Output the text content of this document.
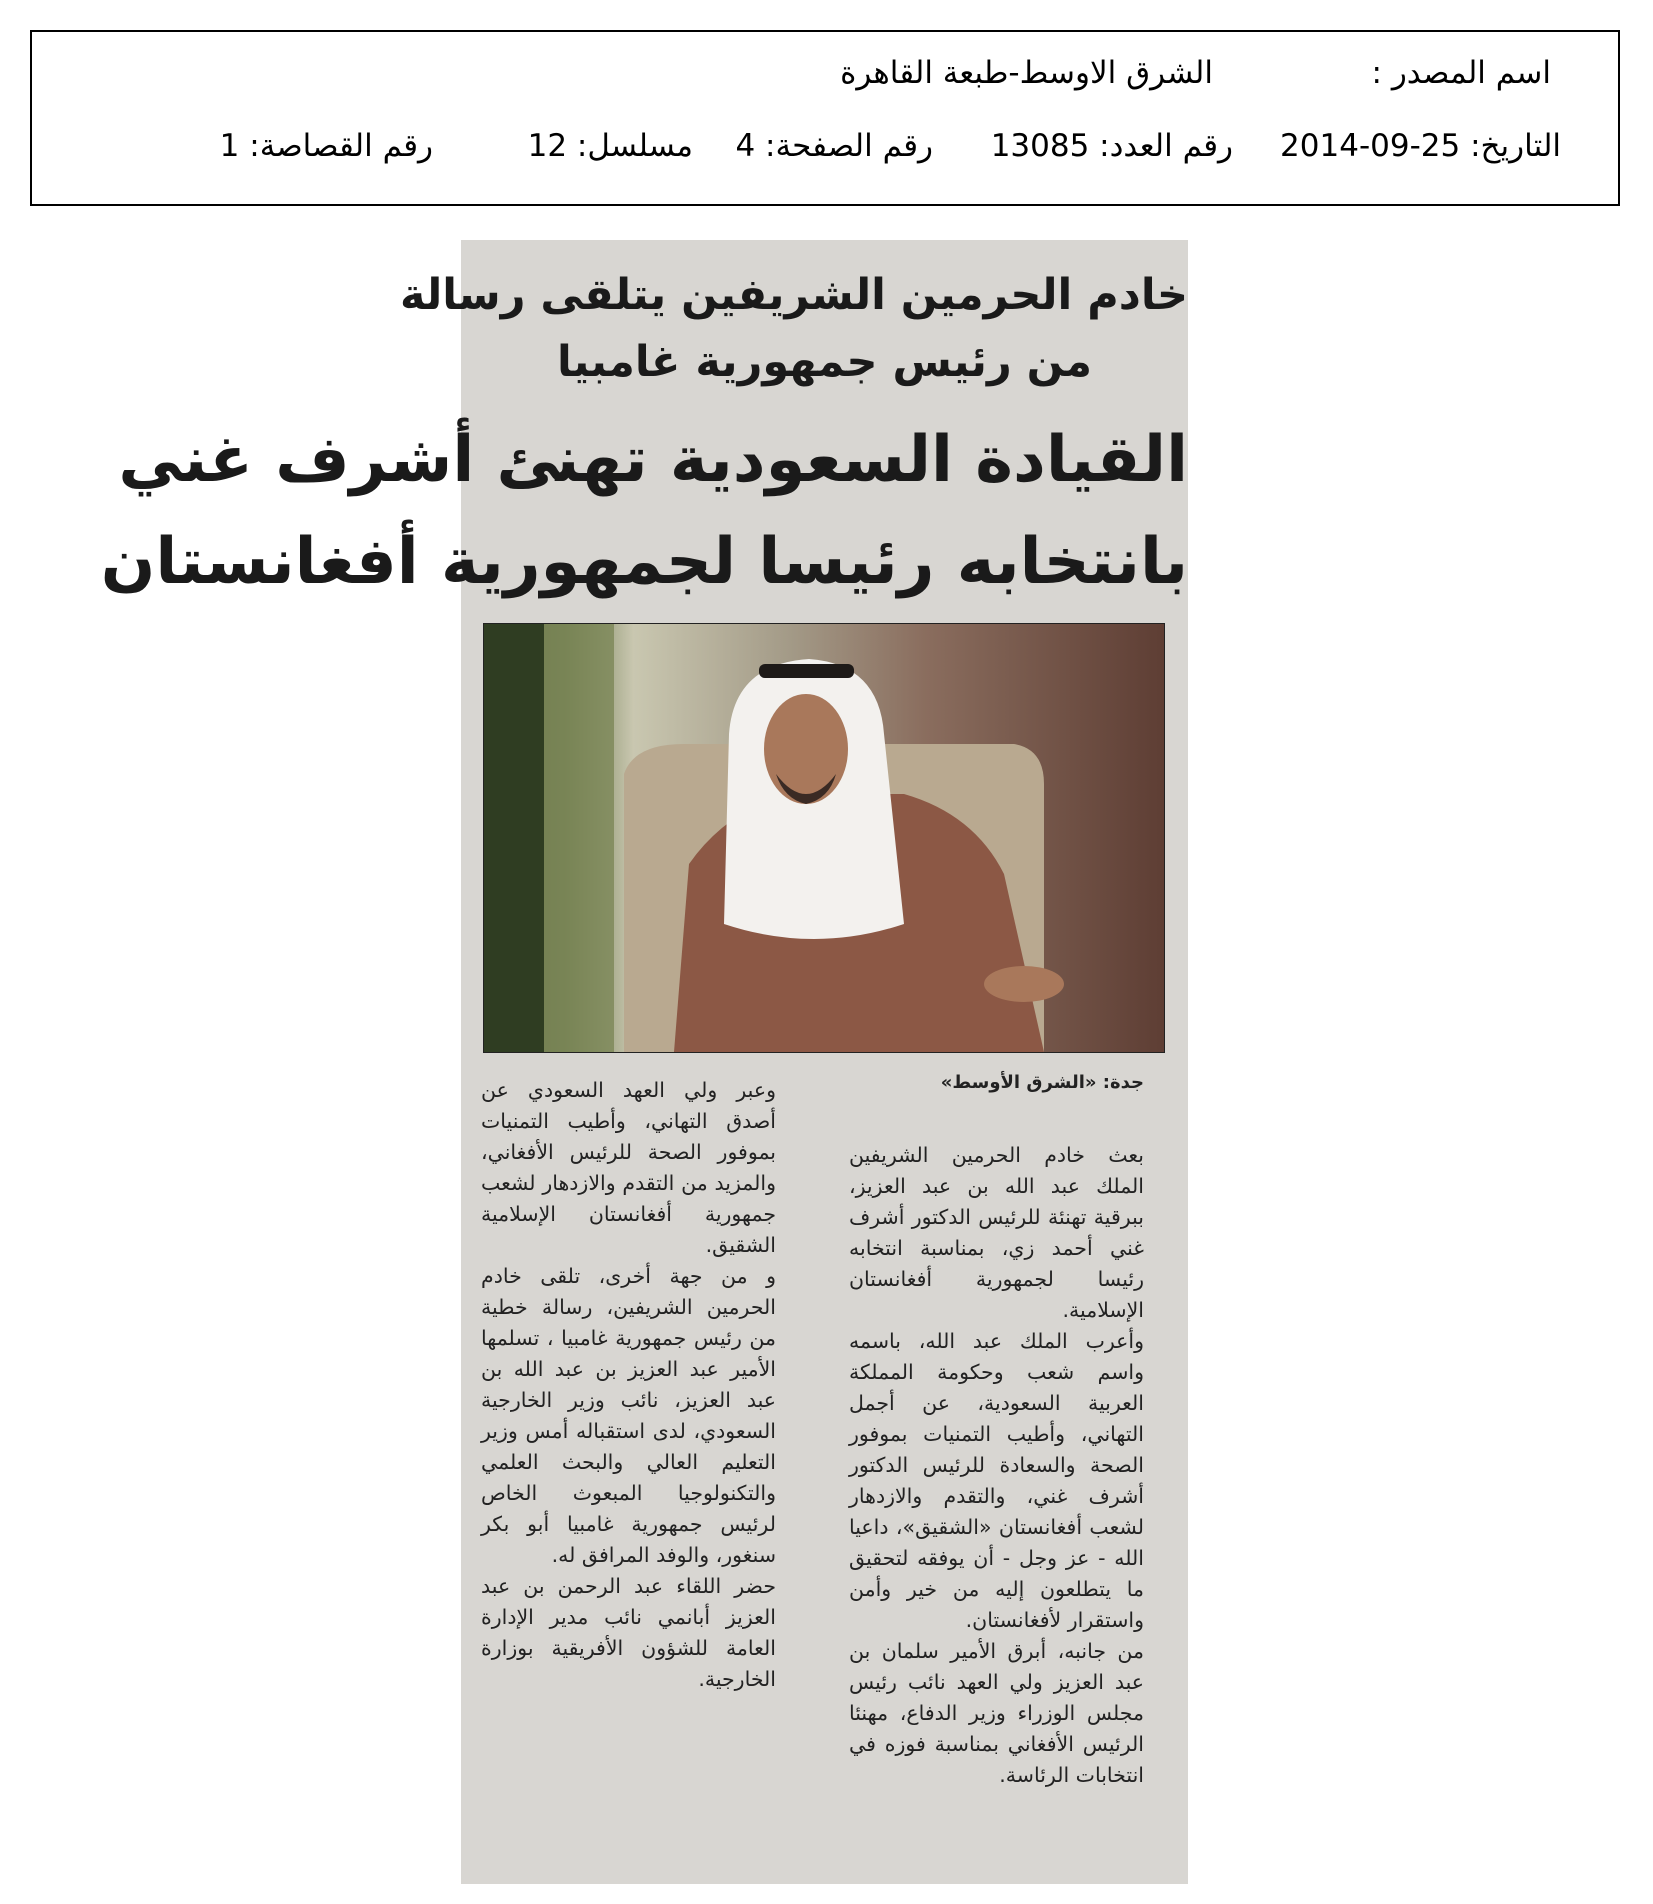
اسم المصدر :
الشرق الاوسط-طبعة القاهرة
التاريخ: 25-09-2014
رقم العدد: 13085
رقم الصفحة: 4
مسلسل: 12
رقم القصاصة: 1
خادم الحرمين الشريفين يتلقى رسالة
من رئيس جمهورية غامبيا
القيادة السعودية تهنئ أشرف غني
بانتخابه رئيسا لجمهورية أفغانستان
جدة: «الشرق الأوسط»

بعث خادم الحرمين الشريفين الملك عبد الله بن عبد العزيز، ببرقية تهنئة للرئيس الدكتور أشرف غني أحمد زي، بمناسبة انتخابه رئيسا لجمهورية أفغانستان الإسلامية.

وأعرب الملك عبد الله، باسمه واسم شعب وحكومة المملكة العربية السعودية، عن أجمل التهاني، وأطيب التمنيات بموفور الصحة والسعادة للرئيس الدكتور أشرف غني، والتقدم والازدهار لشعب أفغانستان «الشقيق»، داعيا الله - عز وجل - أن يوفقه لتحقيق ما يتطلعون إليه من خير وأمن واستقرار لأفغانستان.

من جانبه، أبرق الأمير سلمان بن عبد العزيز ولي العهد نائب رئيس مجلس الوزراء وزير الدفاع، مهنئا الرئيس الأفغاني بمناسبة فوزه في انتخابات الرئاسة.

وعبر ولي العهد السعودي عن أصدق التهاني، وأطيب التمنيات بموفور الصحة للرئيس الأفغاني، والمزيد من التقدم والازدهار لشعب جمهورية أفغانستان الإسلامية الشقيق.

و من جهة أخرى، تلقى خادم الحرمين الشريفين، رسالة خطية من رئيس جمهورية غامبيا ، تسلمها الأمير عبد العزيز بن عبد الله بن عبد العزيز، نائب وزير الخارجية السعودي، لدى استقباله أمس وزير التعليم العالي والبحث العلمي والتكنولوجيا المبعوث الخاص لرئيس جمهورية غامبيا أبو بكر سنغور، والوفد المرافق له.

حضر اللقاء عبد الرحمن بن عبد العزيز أبانمي نائب مدير الإدارة العامة للشؤون الأفريقية بوزارة الخارجية.
